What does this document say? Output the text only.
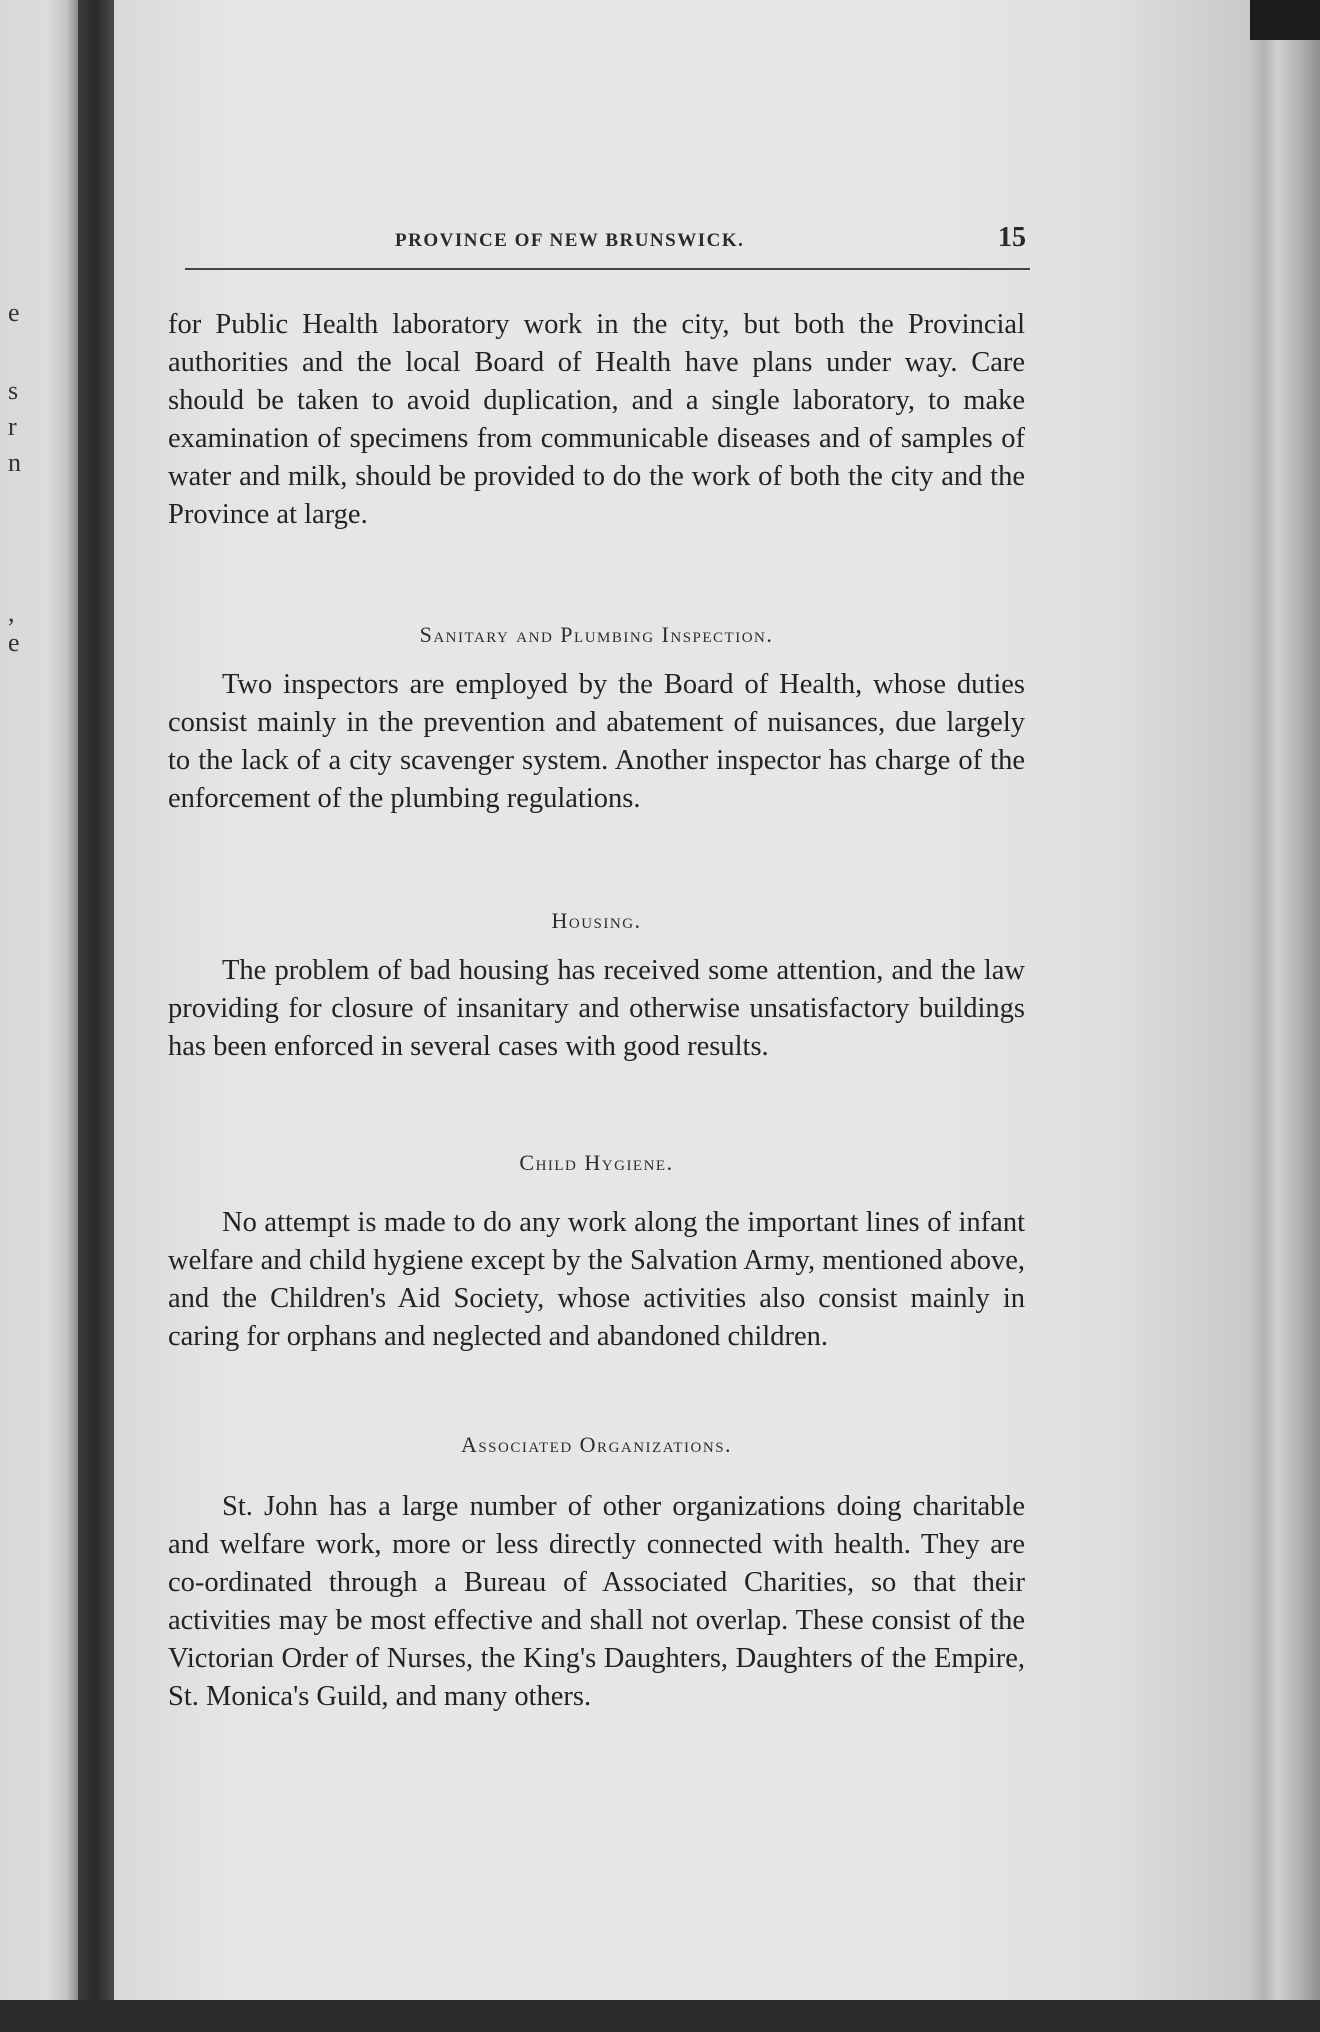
e
s
r
n
,
e
PROVINCE OF NEW BRUNSWICK.	15

for Public Health laboratory work in the city, but both the Provincial authorities and the local Board of Health have plans under way. Care should be taken to avoid duplication, and a single laboratory, to make examination of specimens from communicable diseases and of samples of water and milk, should be provided to do the work of both the city and the Province at large.

Sanitary and Plumbing Inspection.

Two inspectors are employed by the Board of Health, whose duties consist mainly in the prevention and abatement of nuisances, due largely to the lack of a city scavenger system. Another inspector has charge of the enforcement of the plumbing regulations.

Housing.

The problem of bad housing has received some attention, and the law providing for closure of insanitary and otherwise unsatisfactory buildings has been enforced in several cases with good results.

Child Hygiene.

No attempt is made to do any work along the important lines of infant welfare and child hygiene except by the Salvation Army, mentioned above, and the Children's Aid Society, whose activities also consist mainly in caring for orphans and neglected and abandoned children.

Associated Organizations.

St. John has a large number of other organizations doing charitable and welfare work, more or less directly connected with health. They are co-ordinated through a Bureau of Associated Charities, so that their activities may be most effective and shall not overlap. These consist of the Victorian Order of Nurses, the King's Daughters, Daughters of the Empire, St. Monica's Guild, and many others.
